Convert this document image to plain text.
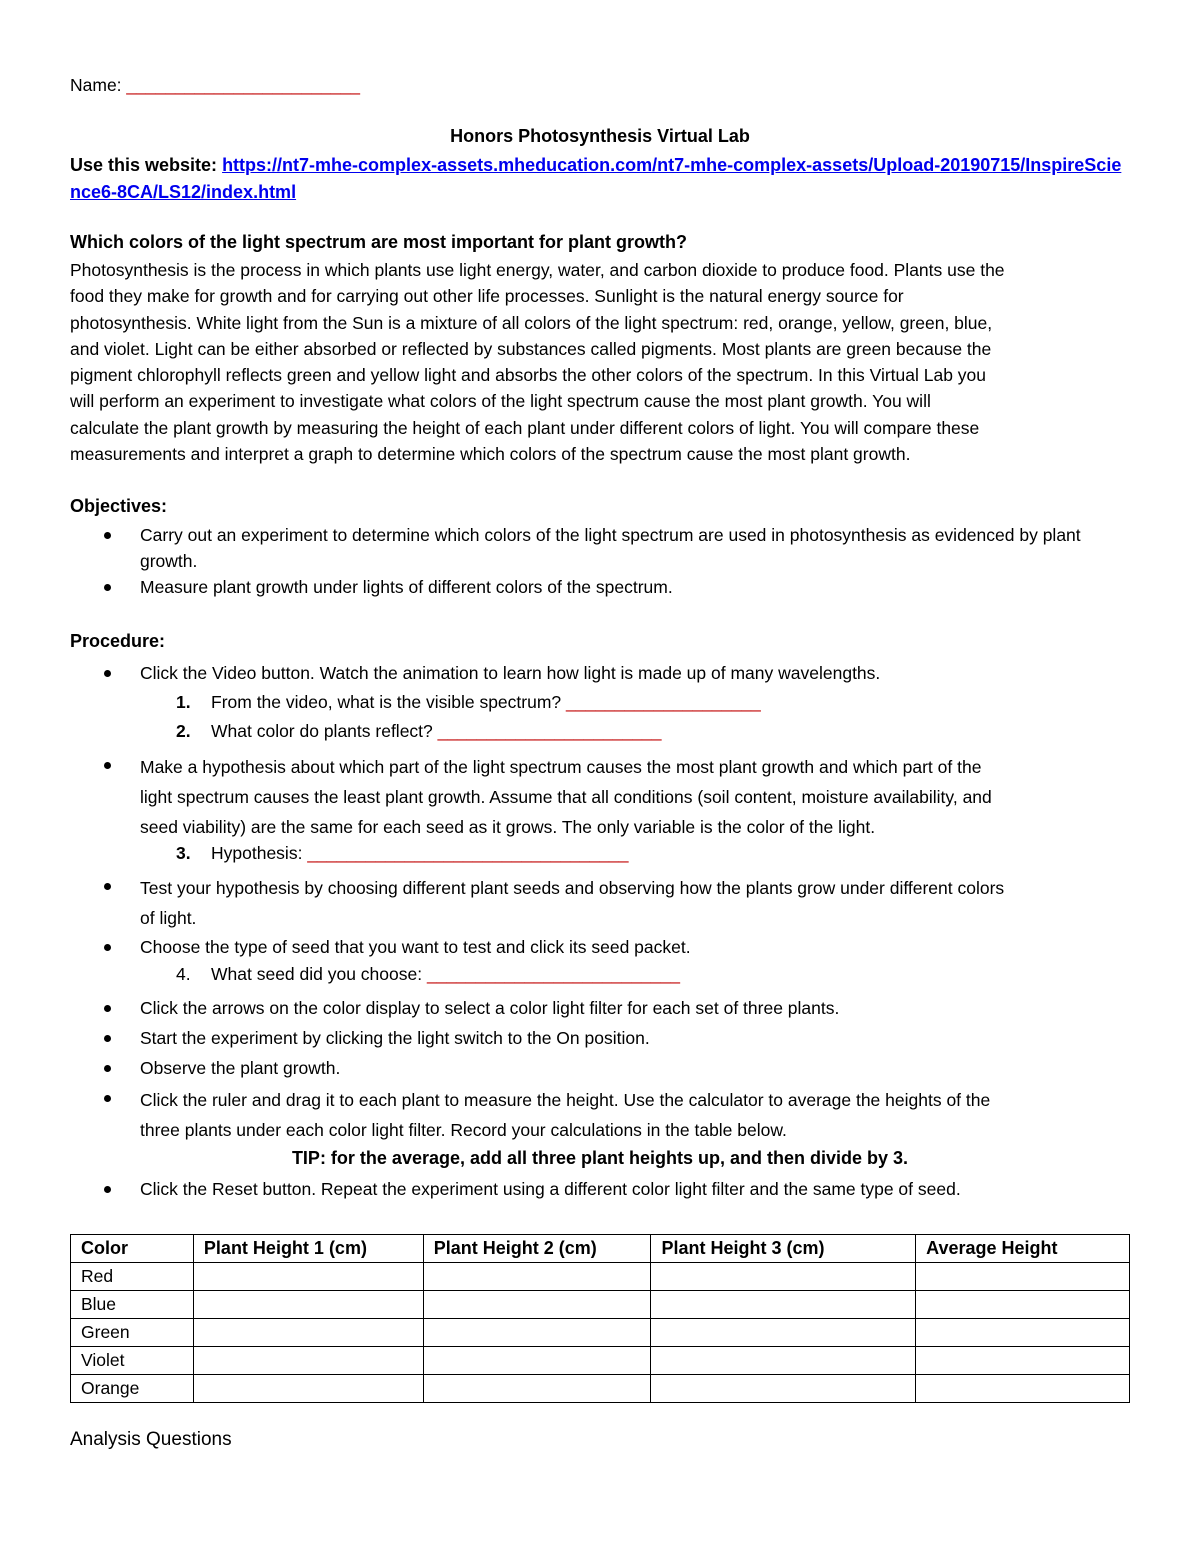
Name: ________________________
Honors Photosynthesis Virtual Lab
Use this website: https://nt7-mhe-complex-assets.mheducation.com/nt7-mhe-complex-assets/Upload-20190715/InspireScience6-8CA/LS12/index.html
Which colors of the light spectrum are most important for plant growth?
Photosynthesis is the process in which plants use light energy, water, and carbon dioxide to produce food. Plants use the
food they make for growth and for carrying out other life processes. Sunlight is the natural energy source for
photosynthesis. White light from the Sun is a mixture of all colors of the light spectrum: red, orange, yellow, green, blue,
and violet. Light can be either absorbed or reflected by substances called pigments. Most plants are green because the
pigment chlorophyll reflects green and yellow light and absorbs the other colors of the spectrum. In this Virtual Lab you
will perform an experiment to investigate what colors of the light spectrum cause the most plant growth. You will
calculate the plant growth by measuring the height of each plant under different colors of light. You will compare these
measurements and interpret a graph to determine which colors of the spectrum cause the most plant growth.
Objectives:
Carry out an experiment to determine which colors of the light spectrum are used in photosynthesis as evidenced by plant growth.
Measure plant growth under lights of different colors of the spectrum.
Procedure:
Click the Video button. Watch the animation to learn how light is made up of many wavelengths.
1. From the video, what is the visible spectrum? ____________________
2. What color do plants reflect? _______________________
Make a hypothesis about which part of the light spectrum causes the most plant growth and which part of the
light spectrum causes the least plant growth. Assume that all conditions (soil content, moisture availability, and
seed viability) are the same for each seed as it grows. The only variable is the color of the light.
3. Hypothesis: _________________________________
Test your hypothesis by choosing different plant seeds and observing how the plants grow under different colors
of light.
Choose the type of seed that you want to test and click its seed packet.
4. What seed did you choose: __________________________
Click the arrows on the color display to select a color light filter for each set of three plants.
Start the experiment by clicking the light switch to the On position.
Observe the plant growth.
Click the ruler and drag it to each plant to measure the height. Use the calculator to average the heights of the
three plants under each color light filter. Record your calculations in the table below.
TIP: for the average, add all three plant heights up, and then divide by 3.
Click the Reset button. Repeat the experiment using a different color light filter and the same type of seed.
Color	Plant Height 1 (cm)	Plant Height 2 (cm)	Plant Height 3 (cm)	Average Height
Red				
Blue				
Green				
Violet				
Orange				
Analysis Questions
